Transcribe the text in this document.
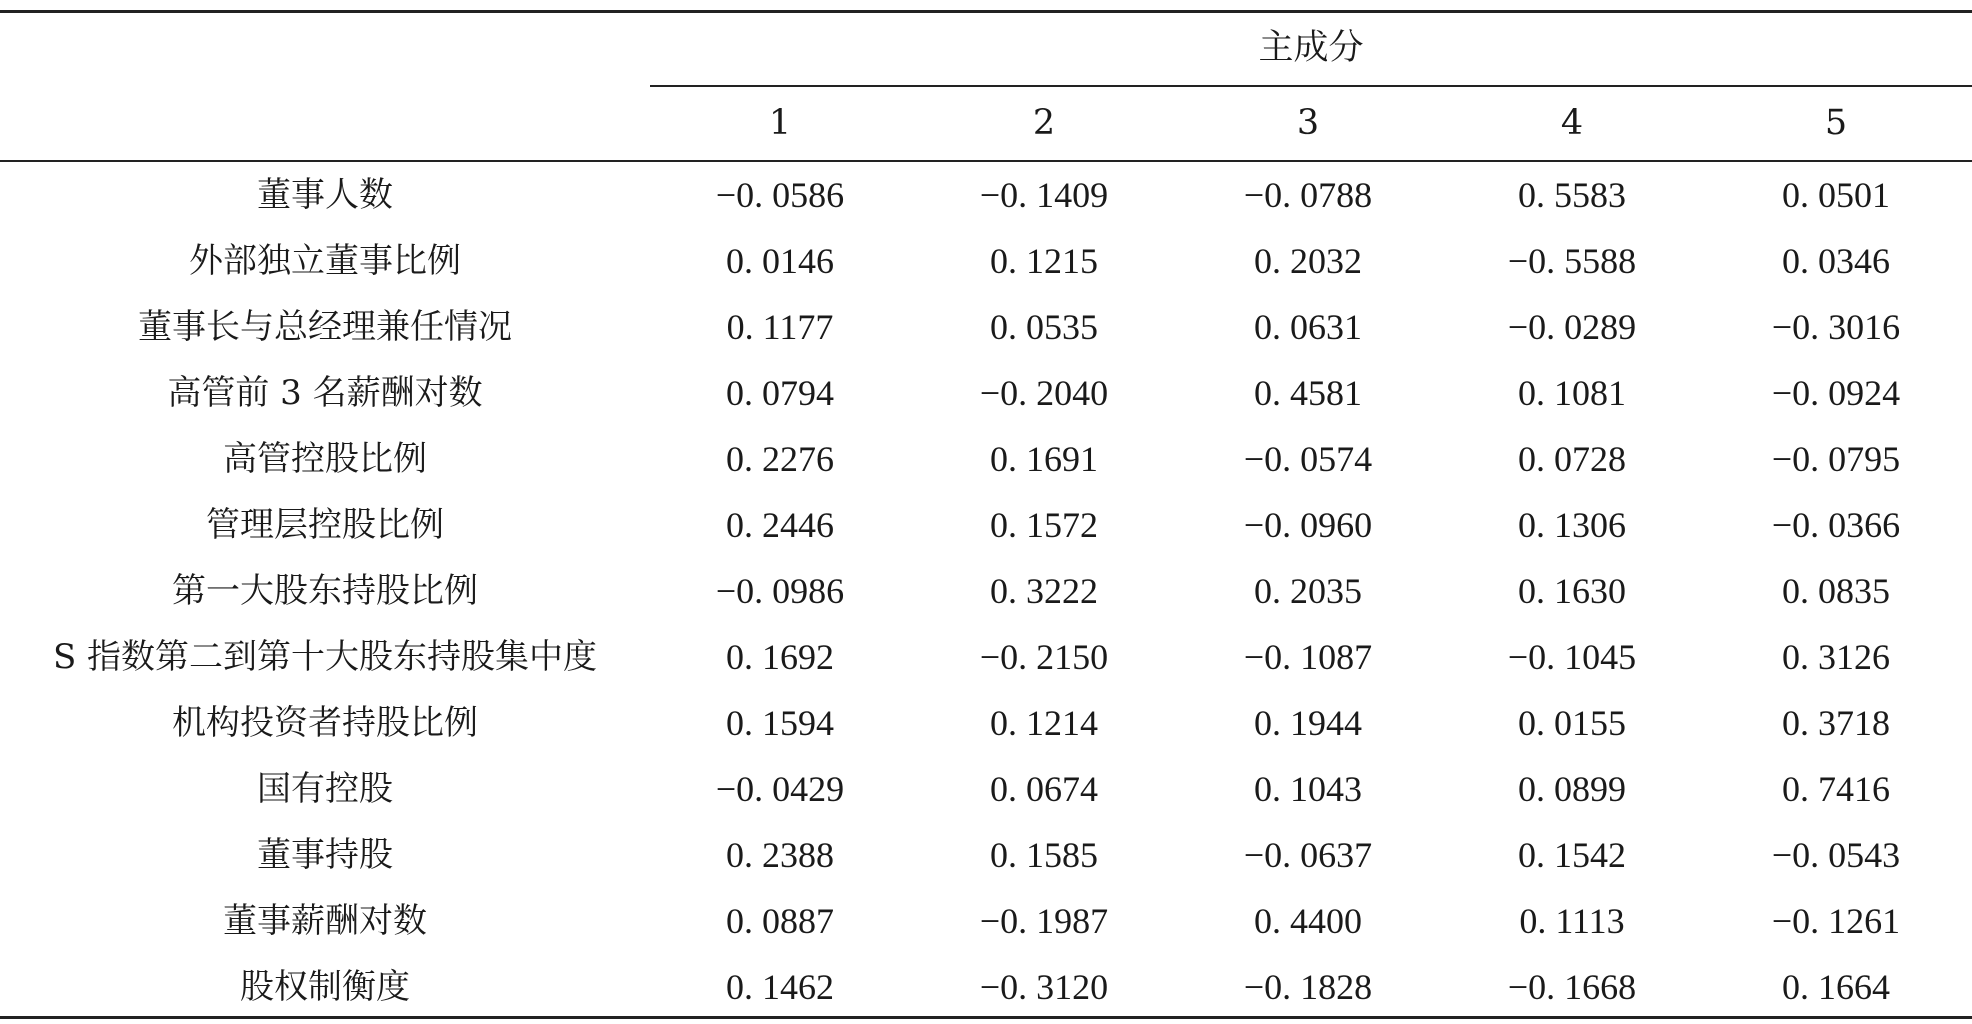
主成分
1	2	3	4	5
董事人数	−0. 0586	−0. 1409	−0. 0788	0. 5583	0. 0501
外部独立董事比例	0. 0146	0. 1215	0. 2032	−0. 5588	0. 0346
董事长与总经理兼任情况	0. 1177	0. 0535	0. 0631	−0. 0289	−0. 3016
高管前 3 名薪酬对数	0. 0794	−0. 2040	0. 4581	0. 1081	−0. 0924
高管控股比例	0. 2276	0. 1691	−0. 0574	0. 0728	−0. 0795
管理层控股比例	0. 2446	0. 1572	−0. 0960	0. 1306	−0. 0366
第一大股东持股比例	−0. 0986	0. 3222	0. 2035	0. 1630	0. 0835
S 指数第二到第十大股东持股集中度	0. 1692	−0. 2150	−0. 1087	−0. 1045	0. 3126
机构投资者持股比例	0. 1594	0. 1214	0. 1944	0. 0155	0. 3718
国有控股	−0. 0429	0. 0674	0. 1043	0. 0899	0. 7416
董事持股	0. 2388	0. 1585	−0. 0637	0. 1542	−0. 0543
董事薪酬对数	0. 0887	−0. 1987	0. 4400	0. 1113	−0. 1261
股权制衡度	0. 1462	−0. 3120	−0. 1828	−0. 1668	0. 1664
